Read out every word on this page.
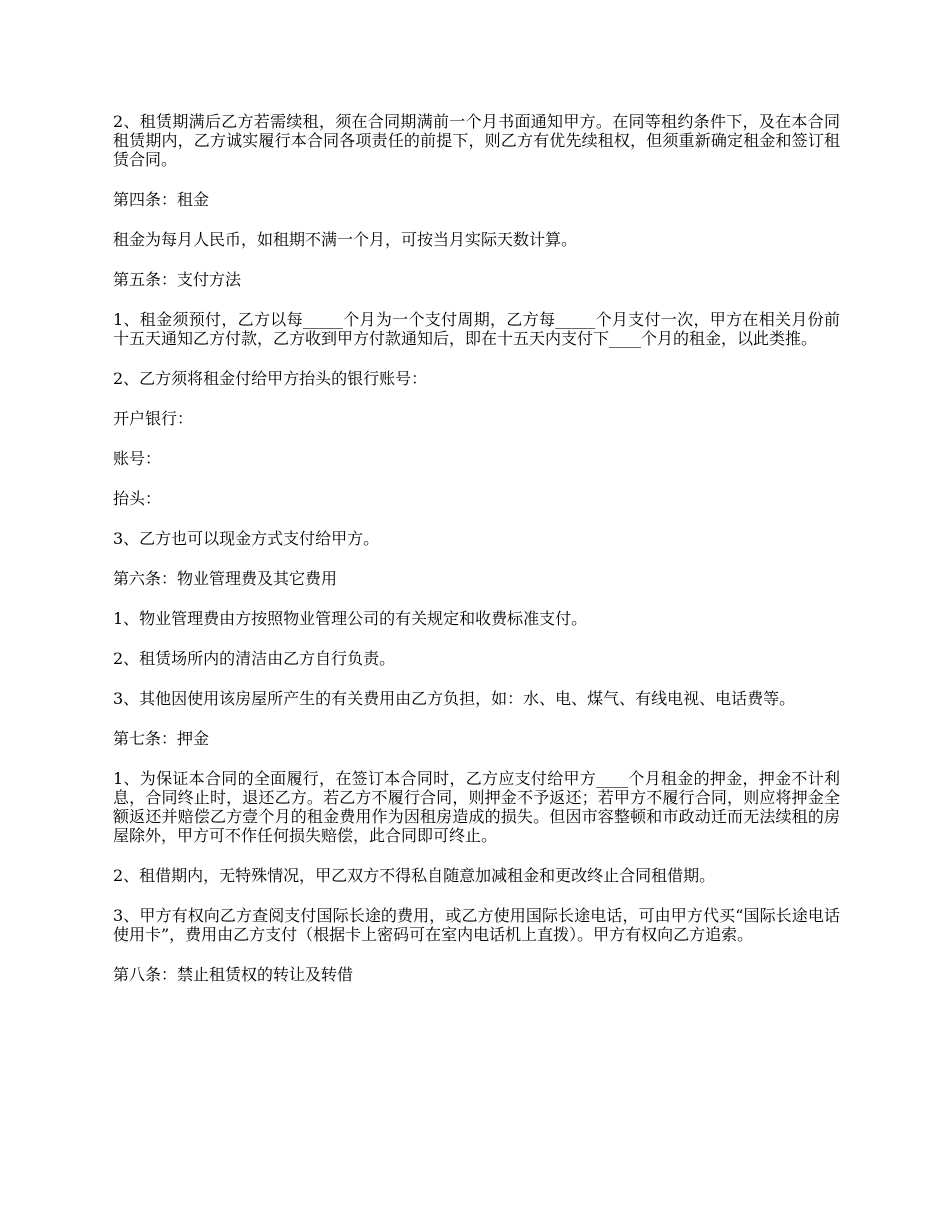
2、租赁期满后乙方若需续租，须在合同期满前一个月书面通知甲方。在同等租约条件下，及在本合同租赁期内，乙方诚实履行本合同各项责任的前提下，则乙方有优先续租权，但须重新确定租金和签订租赁合同。

第四条：租金

租金为每月人民币，如租期不满一个月，可按当月实际天数计算。

第五条：支付方法

1、租金须预付，乙方以每_____个月为一个支付周期，乙方每_____个月支付一次，甲方在相关月份前十五天通知乙方付款，乙方收到甲方付款通知后，即在十五天内支付下____个月的租金，以此类推。

2、乙方须将租金付给甲方抬头的银行账号：

开户银行：

账号：

抬头：

3、乙方也可以现金方式支付给甲方。

第六条：物业管理费及其它费用

1、物业管理费由方按照物业管理公司的有关规定和收费标准支付。

2、租赁场所内的清洁由乙方自行负责。

3、其他因使用该房屋所产生的有关费用由乙方负担，如：水、电、煤气、有线电视、电话费等。

第七条：押金

1、为保证本合同的全面履行，在签订本合同时，乙方应支付给甲方____个月租金的押金，押金不计利息，合同终止时，退还乙方。若乙方不履行合同，则押金不予返还；若甲方不履行合同，则应将押金全额返还并赔偿乙方壹个月的租金费用作为因租房造成的损失。但因市容整顿和市政动迁而无法续租的房屋除外，甲方可不作任何损失赔偿，此合同即可终止。

2、租借期内，无特殊情况，甲乙双方不得私自随意加减租金和更改终止合同租借期。

3、甲方有权向乙方查阅支付国际长途的费用，或乙方使用国际长途电话，可由甲方代买“国际长途电话使用卡”，费用由乙方支付（根据卡上密码可在室内电话机上直拨）。甲方有权向乙方追索。

第八条：禁止租赁权的转让及转借
